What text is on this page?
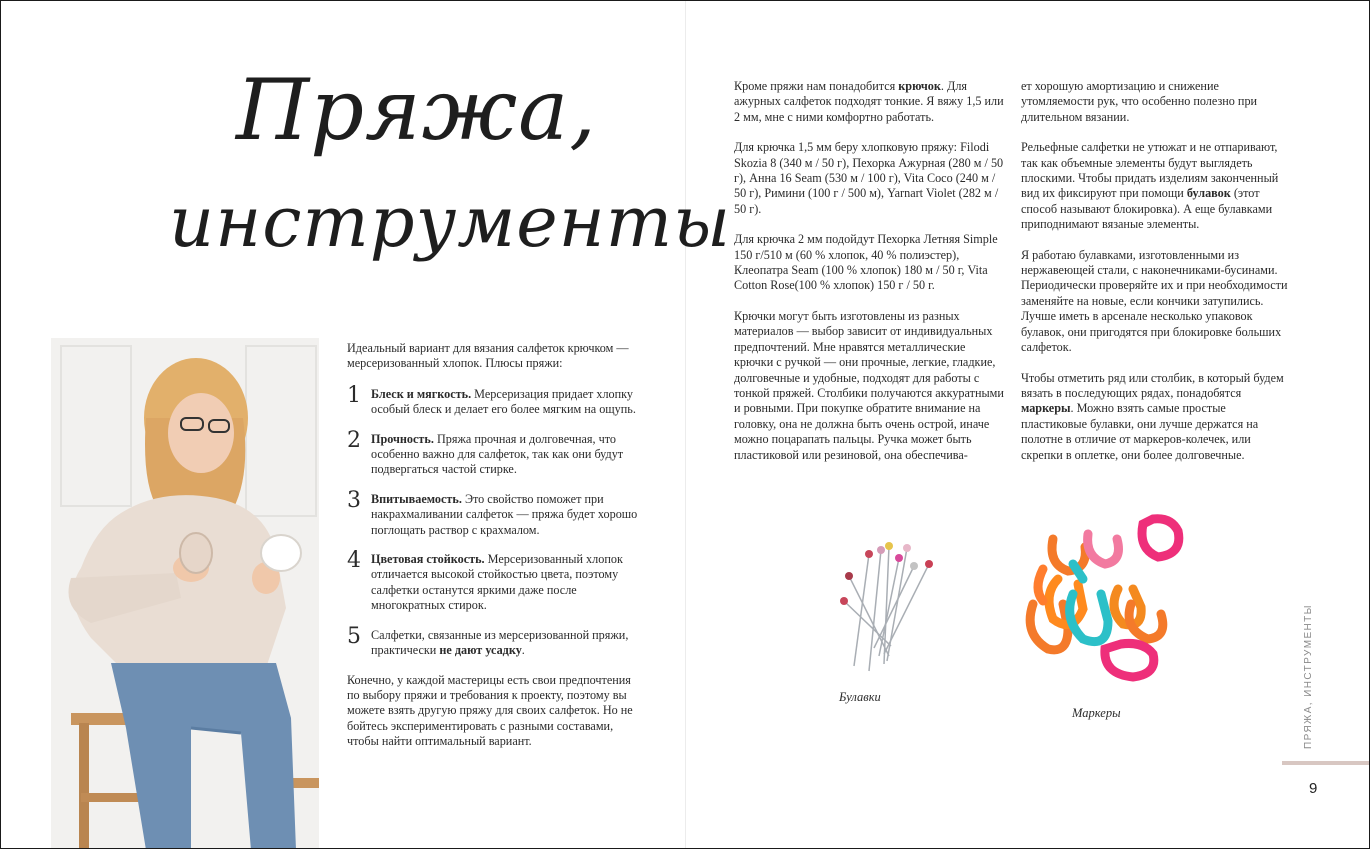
Пряжа,
инструменты

Идеальный вариант для вязания салфеток крючком — мерсеризованный хлопок. Плюсы пряжи:

1 Блеск и мягкость. Мерсеризация придает хлопку особый блеск и делает его более мягким на ощупь.
2 Прочность. Пряжа прочная и долговечная, что особенно важно для салфеток, так как они будут подвергаться частой стирке.
3 Впитываемость. Это свойство поможет при накрахмаливании салфеток — пряжа будет хорошо поглощать раствор с крахмалом.
4 Цветовая стойкость. Мерсеризованный хлопок отличается высокой стойкостью цвета, поэтому салфетки останутся яркими даже после многократных стирок.
5 Салфетки, связанные из мерсеризованной пряжи, практически не дают усадку.

Конечно, у каждой мастерицы есть свои предпочтения по выбору пряжи и требования к проекту, поэтому вы можете взять другую пряжу для своих салфеток. Но не бойтесь экспериментировать с разными составами, чтобы найти оптимальный вариант.

Кроме пряжи нам понадобится крючок. Для ажурных салфеток подходят тонкие. Я вяжу 1,5 или 2 мм, мне с ними комфортно работать.

Для крючка 1,5 мм беру хлопковую пряжу: Filodi Skozia 8 (340 м / 50 г), Пехорка Ажурная (280 м / 50 г), Анна 16 Seam (530 м / 100 г), Vita Coco (240 м / 50 г), Римини (100 г / 500 м), Yarnart Violet (282 м / 50 г).

Для крючка 2 мм подойдут Пехорка Летняя Simple 150 г/510 м (60 % хлопок, 40 % полиэстер), Клеопатра Seam (100 % хлопок) 180 м / 50 г, Vita Cotton Rose(100 % хлопок) 150 г / 50 г.

Крючки могут быть изготовлены из разных материалов — выбор зависит от индивидуальных предпочтений. Мне нравятся металлические крючки с ручкой — они прочные, легкие, гладкие, долговечные и удобные, подходят для работы с тонкой пряжей. Столбики получаются аккуратными и ровными. При покупке обратите внимание на головку, она не должна быть очень острой, иначе можно поцарапать пальцы. Ручка может быть пластиковой или резиновой, она обеспечива-

ет хорошую амортизацию и снижение утомляемости рук, что особенно полезно при длительном вязании.

Рельефные салфетки не утюжат и не отпаривают, так как объемные элементы будут выглядеть плоскими. Чтобы придать изделиям законченный вид их фиксируют при помощи булавок (этот способ называют блокировка). А еще булавками приподнимают вязаные элементы.

Я работаю булавками, изготовленными из нержавеющей стали, с наконечниками-бусинами. Периодически проверяйте их и при необходимости заменяйте на новые, если кончики затупились. Лучше иметь в арсенале несколько упаковок булавок, они пригодятся при блокировке больших салфеток.

Чтобы отметить ряд или столбик, в который будем вязать в последующих рядах, понадобятся маркеры. Можно взять самые простые пластиковые булавки, они лучше держатся на полотне в отличие от маркеров-колечек, или скрепки в оплетке, они более долговечные.

Булавки
Маркеры	ПРЯЖА, ИНСТРУМЕНТЫ
9
